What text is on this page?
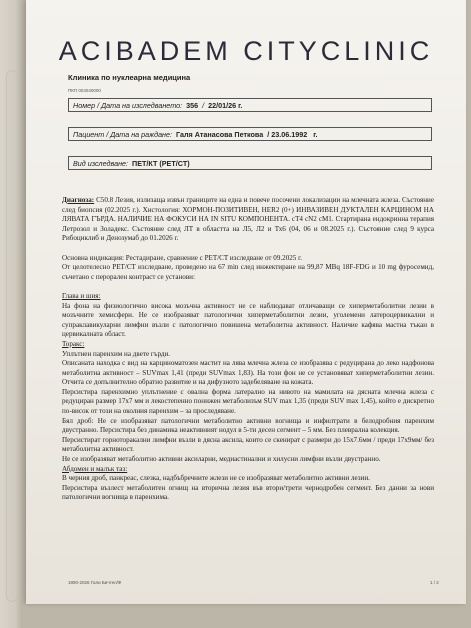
ACIBADEM CITYCLINIC
Клиника по нуклеарна медицина
ПКП 004040000
Номер / Дата на изследването: 356  /  22/01/26 г.
Пациент / Дата на раждане: Галя Атанасова Петкова  / 23.06.1992 г.
Вид изследване: ПЕТ/КТ (PET/CT)

Диагноза: C50.8 Лезия, излизаща извън границите на една и повече посочени локализации на млечната жлеза. Състояние след биопсия (02.2025 г.). Хистология: ХОРМОН-ПОЗИТИВЕН, HER2 (0+) ИНВАЗИВЕН ДУКТАЛЕН КАРЦИНОМ НА ЛЯВАТА ГЪРДА. НАЛИЧИЕ НА ФОКУСИ НА IN SITU КОМПОНЕНТА. cT4 cN2 cM1. Стартирана ендокринна терапия Летрозол и Золадекс. Състояние след ЛТ в областта на Л5, Л2 и Тх6 (04, 06 и 08.2025 г.). Състояние след 9 курса Рибоциклиб и Денозумаб до 01.2026 г.

Основна индикация: Рестадиране, сравнение с PET/CT изследване от 09.2025 г.

От целотелесно PET/CT изследване, проведено на 67 min след инжектиране на 99,87 MBq 18F-FDG и 10 mg фуросемид, съчетано с перорален контраст се установи:

Глава и шия:

На фона на физиологично висока мозъчна активност не се наблюдават отличаващи се хиперметаболитни лезии в мозъчните хемисфери. Не се изобразяват патологични хиперметаболитни лезии, уголемени латероцервикални и супраклавикуларни лимфни възли с патологично повишена метаболитна активност. Наличие кафява мастна тъкан в цервикалната област.

Торакс:

Уплътнен паренхим на двете гърди.

Описаната находка с вид на карциноматозен мастит на лява млечна жлеза се изобразява с редуцирана до леко надфонова метаболитна активност – SUVmax 1,41 (преди SUVmax 1,83). На този фон не се установяват хиперметаболитни лезии. Отчита се допълнително обратно развитие и на дифузното задебеляване на кожата.

Персистира паренхимно уплътнение с овална форма латерално на нивото на мамилата на дясната млечна жлеза с редуциран размер 17х7 мм и лекостепенно понижен метаболизъм SUV max 1,35 (преди SUV max 1,45), който е дискретно по-висок от този на околния паренхим – за проследяване.

Бял дроб: Не се изобразяват патологични метаболитно активни вогнища и инфилтрати в белодробния паренхим двустранно. Персистира без динамика неактивният нодул в 5-ти десен сегмент – 5 мм. Без плеврална колекция.

Персистират горноторакални лимфни възли в дясна аксила, които се скенират с размери до 15х7.6мм / преди 17х9мм/ без метаболитна активност.

Не се изобразяват метаболитно активни аксиларни, медиастинални и хилусни лимфни възли двустранно.

Абдомен и малък таз:

В черния дроб, панкреас, слезка, надбъбречните жлези не се изобразяват метаболитно активни лезии.

Персистира възлест метаболитен огнищ на вторична лезия във втори/трети чернодробен сегмент. Без данни за нови патологични вогнища в паренхима.

1890-2026 Гали Бичтел/Ф	1 / 2
